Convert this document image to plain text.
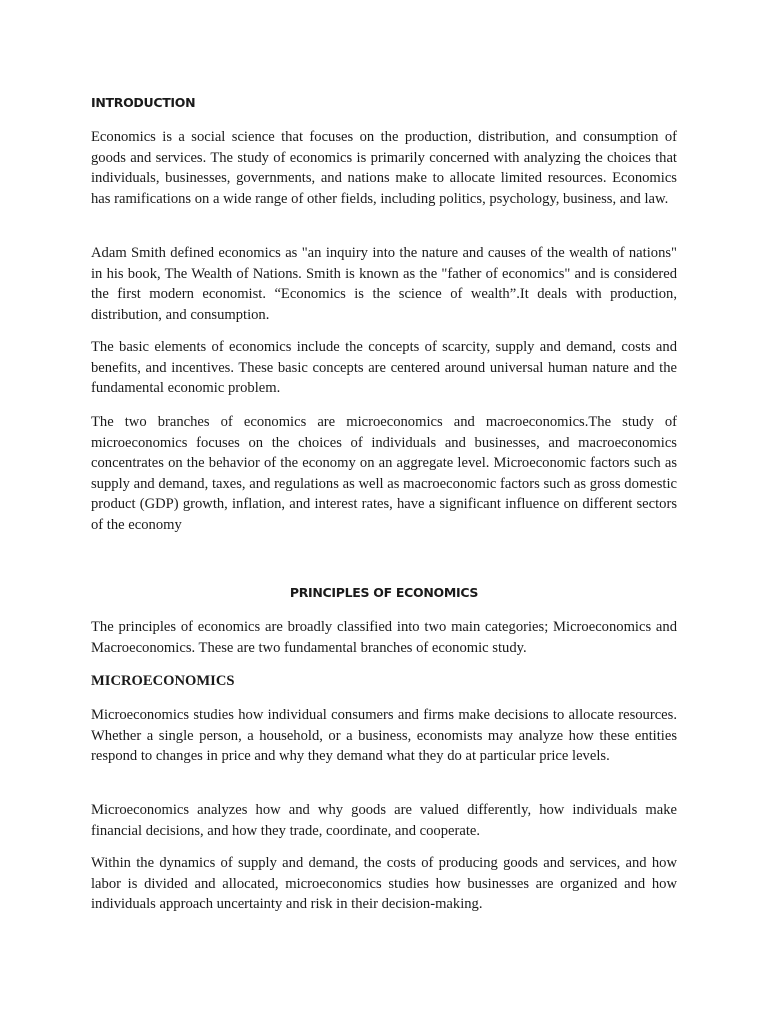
INTRODUCTION

Economics is a social science that focuses on the production, distribution, and consumption of goods and services. The study of economics is primarily concerned with analyzing the choices that individuals, businesses, governments, and nations make to allocate limited resources. Economics has ramifications on a wide range of other fields, including politics, psychology, business, and law.

Adam Smith defined economics as "an inquiry into the nature and causes of the wealth of nations" in his book, The Wealth of Nations. Smith is known as the "father of economics" and is considered the first modern economist. “Economics is the science of wealth”.It deals with production, distribution, and consumption.

The basic elements of economics include the concepts of scarcity, supply and demand, costs and benefits, and incentives. These basic concepts are centered around universal human nature and the fundamental economic problem.

The two branches of economics are microeconomics and macroeconomics.The study of microeconomics focuses on the choices of individuals and businesses, and macroeconomics concentrates on the behavior of the economy on an aggregate level. Microeconomic factors such as supply and demand, taxes, and regulations as well as macroeconomic factors such as gross domestic product (GDP) growth, inflation, and interest rates, have a significant influence on different sectors of the economy

PRINCIPLES OF ECONOMICS

The principles of economics are broadly classified into two main categories; Microeconomics and Macroeconomics. These are two fundamental branches of economic study.

MICROECONOMICS

Microeconomics studies how individual consumers and firms make decisions to allocate resources. Whether a single person, a household, or a business, economists may analyze how these entities respond to changes in price and why they demand what they do at particular price levels.

Microeconomics analyzes how and why goods are valued differently, how individuals make financial decisions, and how they trade, coordinate, and cooperate.

Within the dynamics of supply and demand, the costs of producing goods and services, and how labor is divided and allocated, microeconomics studies how businesses are organized and how individuals approach uncertainty and risk in their decision-making.
